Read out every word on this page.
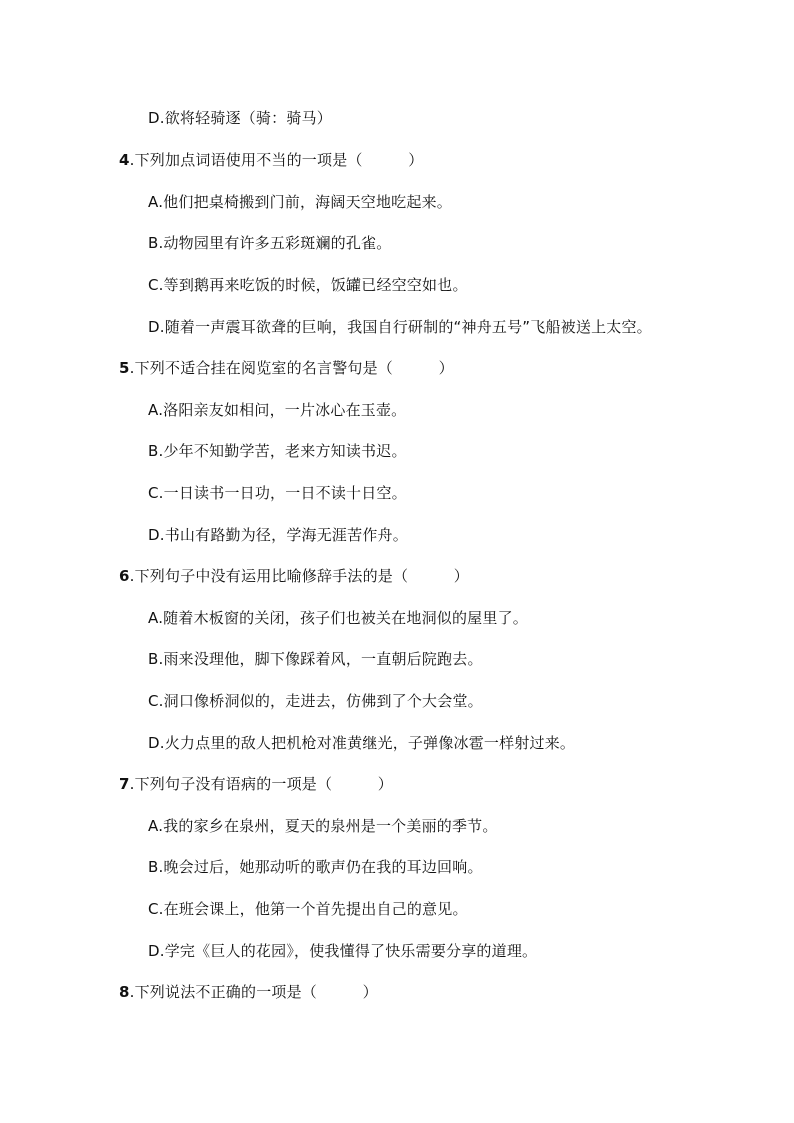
D.欲将轻骑逐（骑：骑马）
4.下列加点词语使用不当的一项是（　　　）
A.他们把桌椅搬到门前，海阔天空地吃起来。
B.动物园里有许多五彩斑斓的孔雀。
C.等到鹅再来吃饭的时候，饭罐已经空空如也。
D.随着一声震耳欲聋的巨响，我国自行研制的“神舟五号”飞船被送上太空。
5.下列不适合挂在阅览室的名言警句是（　　　）
A.洛阳亲友如相问，一片冰心在玉壶。
B.少年不知勤学苦，老来方知读书迟。
C.一日读书一日功，一日不读十日空。
D.书山有路勤为径，学海无涯苦作舟。
6.下列句子中没有运用比喻修辞手法的是（　　　）
A.随着木板窗的关闭，孩子们也被关在地洞似的屋里了。
B.雨来没理他，脚下像踩着风，一直朝后院跑去。
C.洞口像桥洞似的，走进去，仿佛到了个大会堂。
D.火力点里的敌人把机枪对准黄继光，子弹像冰雹一样射过来。
7.下列句子没有语病的一项是（　　　）
A.我的家乡在泉州，夏天的泉州是一个美丽的季节。
B.晚会过后，她那动听的歌声仍在我的耳边回响。
C.在班会课上，他第一个首先提出自己的意见。
D.学完《巨人的花园》，使我懂得了快乐需要分享的道理。
8.下列说法不正确的一项是（　　　）
